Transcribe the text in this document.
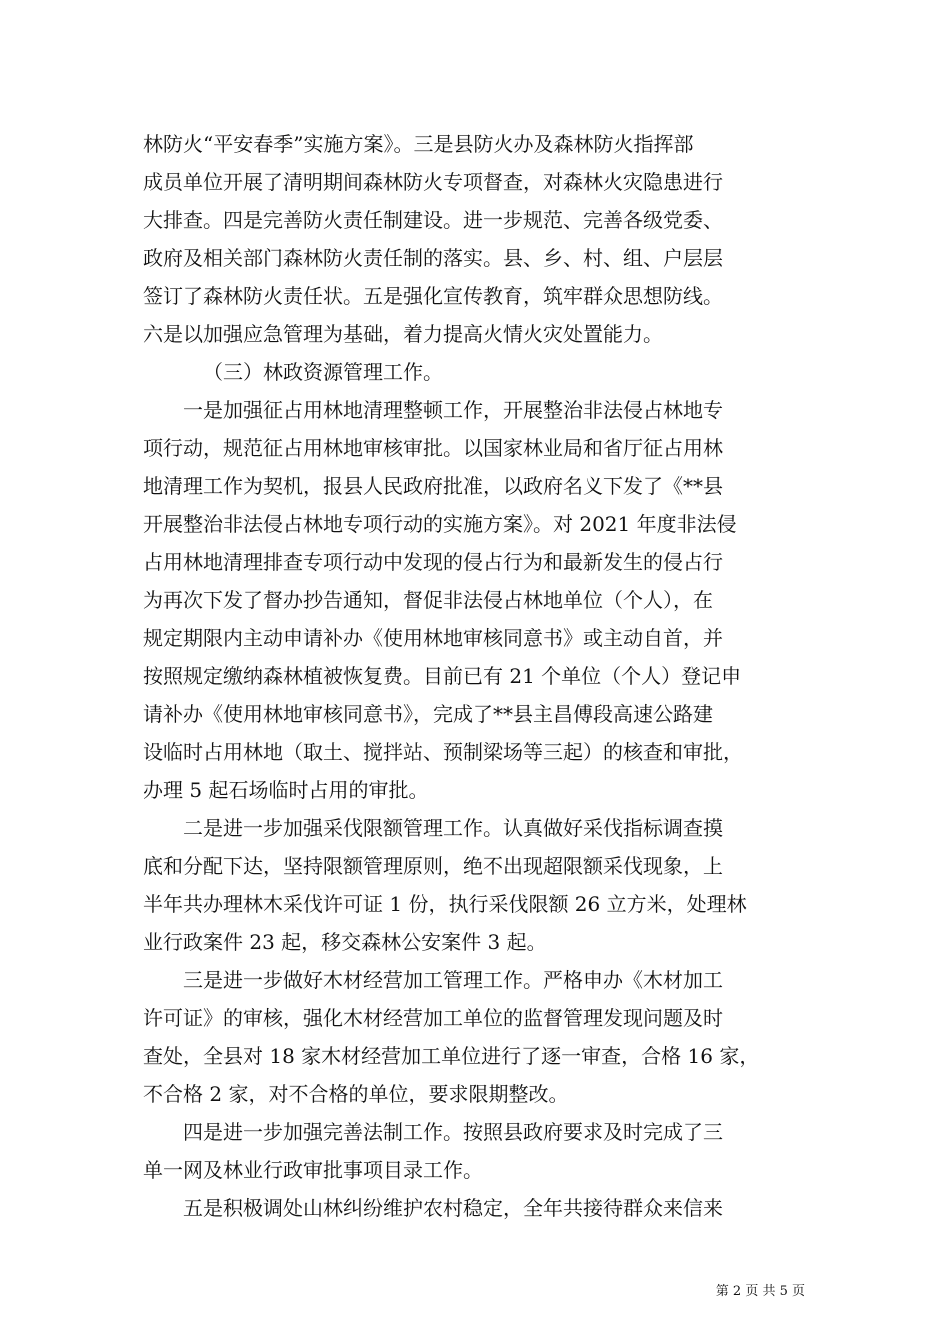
林防火“平安春季”实施方案》。三是县防火办及森林防火指挥部
成员单位开展了清明期间森林防火专项督查，对森林火灾隐患进行
大排查。四是完善防火责任制建设。进一步规范、完善各级党委、
政府及相关部门森林防火责任制的落实。县、乡、村、组、户层层
签订了森林防火责任状。五是强化宣传教育，筑牢群众思想防线。
六是以加强应急管理为基础，着力提高火情火灾处置能力。
（三）林政资源管理工作。
一是加强征占用林地清理整顿工作，开展整治非法侵占林地专
项行动，规范征占用林地审核审批。以国家林业局和省厅征占用林
地清理工作为契机，报县人民政府批准，以政府名义下发了《**县
开展整治非法侵占林地专项行动的实施方案》。对 2021 年度非法侵
占用林地清理排查专项行动中发现的侵占行为和最新发生的侵占行
为再次下发了督办抄告通知，督促非法侵占林地单位（个人），在
规定期限内主动申请补办《使用林地审核同意书》或主动自首，并
按照规定缴纳森林植被恢复费。目前已有 21 个单位（个人）登记申
请补办《使用林地审核同意书》，完成了**县主昌傅段高速公路建
设临时占用林地（取土、搅拌站、预制梁场等三起）的核查和审批，
办理 5 起石场临时占用的审批。
二是进一步加强采伐限额管理工作。认真做好采伐指标调查摸
底和分配下达，坚持限额管理原则，绝不出现超限额采伐现象，上
半年共办理林木采伐许可证 1 份，执行采伐限额 26 立方米，处理林
业行政案件 23 起，移交森林公安案件 3 起。
三是进一步做好木材经营加工管理工作。严格申办《木材加工
许可证》的审核，强化木材经营加工单位的监督管理发现问题及时
查处，全县对 18 家木材经营加工单位进行了逐一审查，合格 16 家，
不合格 2 家，对不合格的单位，要求限期整改。
四是进一步加强完善法制工作。按照县政府要求及时完成了三
单一网及林业行政审批事项目录工作。
五是积极调处山林纠纷维护农村稳定，全年共接待群众来信来
第 2 页 共 5 页
